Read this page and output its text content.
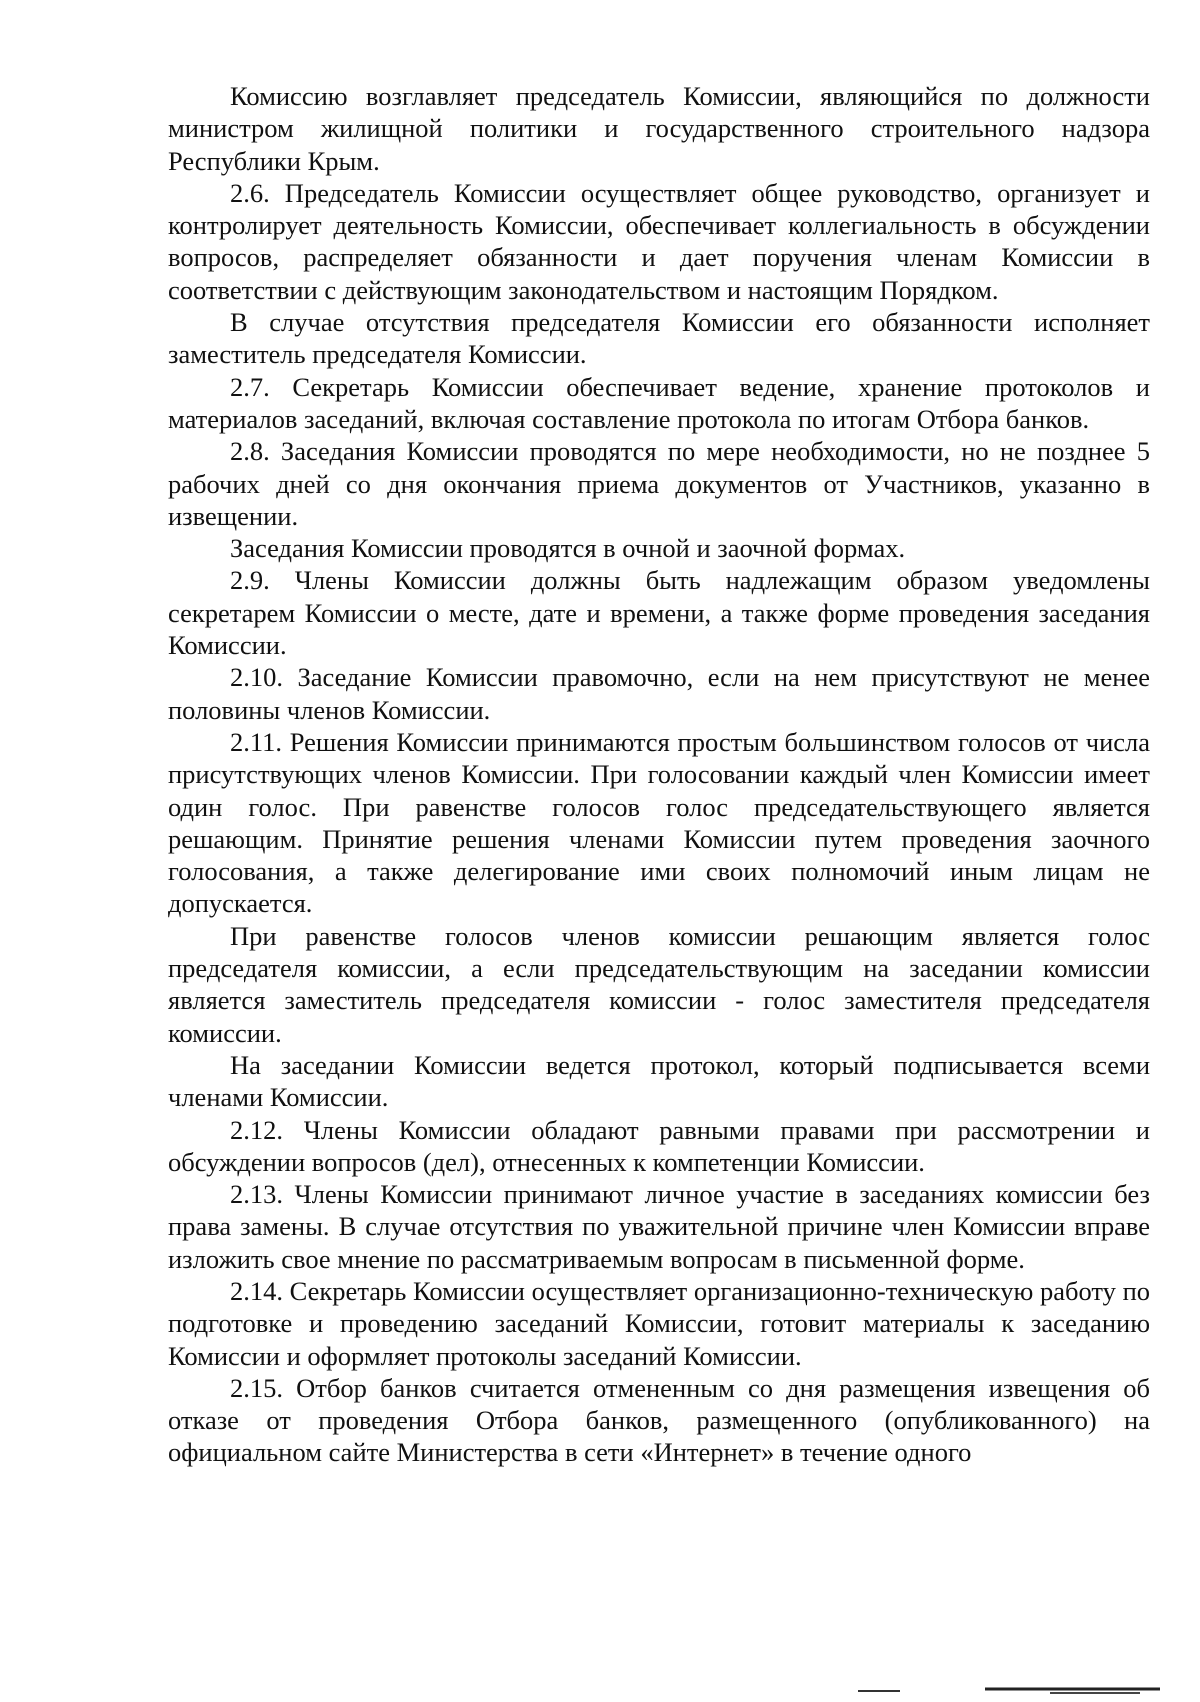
Комиссию возглавляет председатель Комиссии, являющийся по должности министром жилищной политики и государственного строительного надзора Республики Крым.

2.6. Председатель Комиссии осуществляет общее руководство, организует и контролирует деятельность Комиссии, обеспечивает коллегиальность в обсуждении вопросов, распределяет обязанности и дает поручения членам Комиссии в соответствии с действующим законодательством и настоящим Порядком.

В случае отсутствия председателя Комиссии его обязанности исполняет заместитель председателя Комиссии.

2.7. Секретарь Комиссии обеспечивает ведение, хранение протоколов и материалов заседаний, включая составление протокола по итогам Отбора банков.

2.8. Заседания Комиссии проводятся по мере необходимости, но не позднее 5 рабочих дней со дня окончания приема документов от Участников, указанно в извещении.

Заседания Комиссии проводятся в очной и заочной формах.

2.9. Члены Комиссии должны быть надлежащим образом уведомлены секретарем Комиссии о месте, дате и времени, а также форме проведения заседания Комиссии.

2.10. Заседание Комиссии правомочно, если на нем присутствуют не менее половины членов Комиссии.

2.11. Решения Комиссии принимаются простым большинством голосов от числа присутствующих членов Комиссии. При голосовании каждый член Комиссии имеет один голос. При равенстве голосов голос председательствующего является решающим. Принятие решения членами Комиссии путем проведения заочного голосования, а также делегирование ими своих полномочий иным лицам не допускается.

При равенстве голосов членов комиссии решающим является голос председателя комиссии, а если председательствующим на заседании комиссии является заместитель председателя комиссии - голос заместителя председателя комиссии.

На заседании Комиссии ведется протокол, который подписывается всеми членами Комиссии.

2.12. Члены Комиссии обладают равными правами при рассмотрении и обсуждении вопросов (дел), отнесенных к компетенции Комиссии.

2.13. Члены Комиссии принимают личное участие в заседаниях комиссии без права замены. В случае отсутствия по уважительной причине член Комиссии вправе изложить свое мнение по рассматриваемым вопросам в письменной форме.

2.14. Секретарь Комиссии осуществляет организационно-техническую работу по подготовке и проведению заседаний Комиссии, готовит материалы к заседанию Комиссии и оформляет протоколы заседаний Комиссии.

2.15. Отбор банков считается отмененным со дня размещения извещения об отказе от проведения Отбора банков, размещенного (опубликованного) на официальном сайте Министерства в сети «Интернет» в течение одного
